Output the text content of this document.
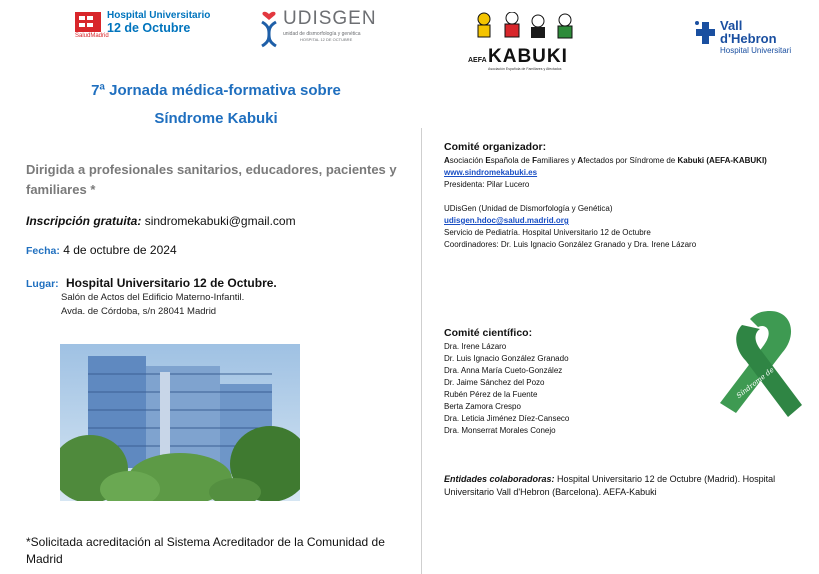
SaludMadrid
Hospital Universitario
12 de Octubre	UDISGEN
unidad de dismorfología y genética
HOSPITAL 12 DE OCTUBRE
AEFA KABUKI
Asociación Española de Familiares y Afectados
Vall
d'Hebron
Hospital Universitari
7ª Jornada médica-formativa sobre
Síndrome Kabuki
Dirigida a profesionales sanitarios, educadores, pacientes y familiares *
Inscripción gratuita: sindromekabuki@gmail.com
Fecha: 4 de octubre de 2024
Lugar: Hospital Universitario 12 de Octubre.
Salón de Actos del Edificio Materno-Infantil.
Avda. de Córdoba, s/n 28041 Madrid
*Solicitada acreditación al Sistema Acreditador de la Comunidad de Madrid
Comité organizador:
Asociación Española de Familiares y Afectados por Síndrome de Kabuki (AEFA-KABUKI)
www.sindromekabuki.es
Presidenta: Pilar Lucero
UDisGen (Unidad de Dismorfología y Genética)
udisgen.hdoc@salud.madrid.org
Servicio de Pediatría. Hospital Universitario 12 de Octubre
Coordinadores: Dr. Luis Ignacio González Granado y Dra. Irene Lázaro
Comité científico:
Dra. Irene Lázaro
Dr. Luis Ignacio González Granado
Dra. Anna María Cueto-González
Dr. Jaime Sánchez del Pozo
Rubén Pérez de la Fuente
Berta Zamora Crespo
Dra. Leticia Jiménez Díez-Canseco
Dra. Monserrat Morales Conejo
Síndrome de KABUKI
Entidades colaboradoras: Hospital Universitario 12 de Octubre (Madrid). Hospital Universitario Vall d'Hebron (Barcelona). AEFA-Kabuki
